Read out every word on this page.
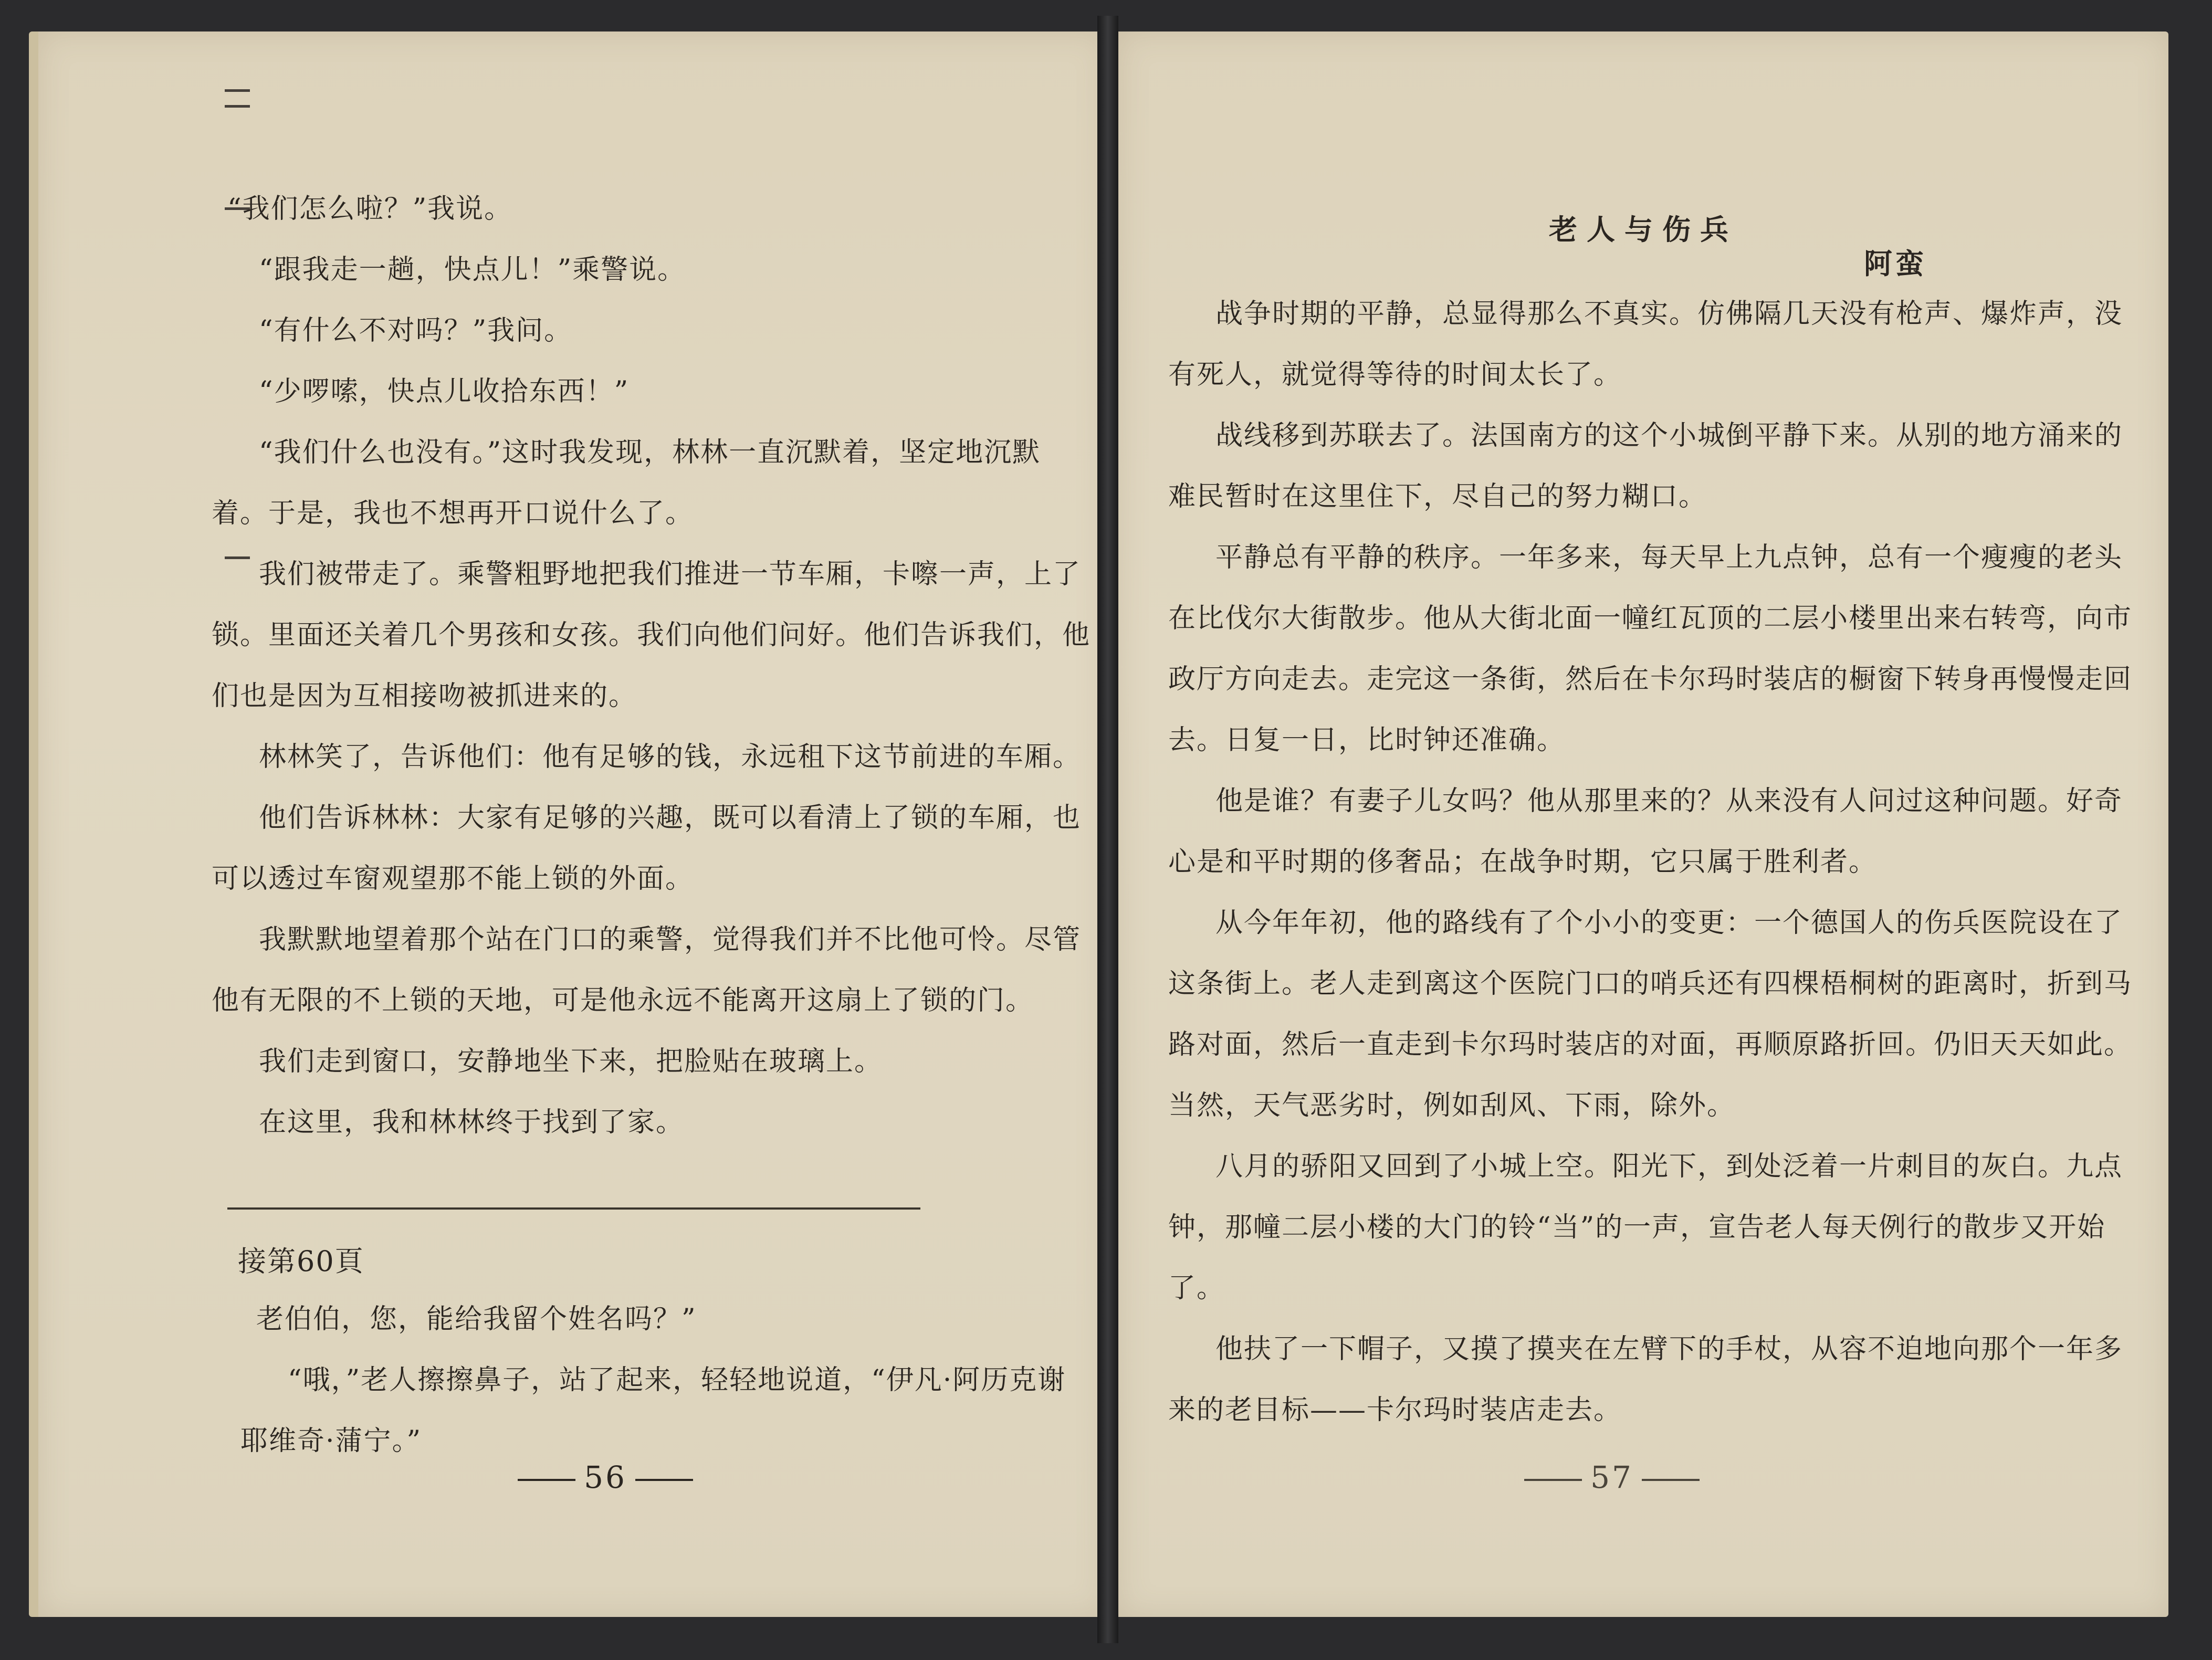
“我们怎么啦？”我说。

“跟我走一趟，快点儿！”乘警说。

“有什么不对吗？”我问。

“少啰嗦，快点儿收拾东西！”

“我们什么也没有。”这时我发现，林林一直沉默着，坚定地沉默着。于是，我也不想再开口说什么了。

我们被带走了。乘警粗野地把我们推进一节车厢，卡嚓一声，上了锁。里面还关着几个男孩和女孩。我们向他们问好。他们告诉我们，他们也是因为互相接吻被抓进来的。

林林笑了，告诉他们：他有足够的钱，永远租下这节前进的车厢。

他们告诉林林：大家有足够的兴趣，既可以看清上了锁的车厢，也可以透过车窗观望那不能上锁的外面。

我默默地望着那个站在门口的乘警，觉得我们并不比他可怜。尽管他有无限的不上锁的天地，可是他永远不能离开这扇上了锁的门。

我们走到窗口，安静地坐下来，把脸贴在玻璃上。

在这里，我和林林终于找到了家。

接第60頁

老伯伯，您，能给我留个姓名吗？”

“哦，”老人擦擦鼻子，站了起来，轻轻地说道，“伊凡·阿历克谢耶维奇·蒲宁。”

56
老人与伤兵
阿蛮

战争时期的平静，总显得那么不真实。仿佛隔几天没有枪声、爆炸声，没有死人，就觉得等待的时间太长了。

战线移到苏联去了。法国南方的这个小城倒平静下来。从别的地方涌来的难民暂时在这里住下，尽自己的努力糊口。

平静总有平静的秩序。一年多来，每天早上九点钟，总有一个瘦瘦的老头在比伐尔大街散步。他从大街北面一幢红瓦顶的二层小楼里出来右转弯，向市政厅方向走去。走完这一条街，然后在卡尔玛时装店的橱窗下转身再慢慢走回去。日复一日，比时钟还准确。

他是谁？有妻子儿女吗？他从那里来的？从来没有人问过这种问题。好奇心是和平时期的侈奢品；在战争时期，它只属于胜利者。

从今年年初，他的路线有了个小小的变更：一个德国人的伤兵医院设在了这条街上。老人走到离这个医院门口的哨兵还有四棵梧桐树的距离时，折到马路对面，然后一直走到卡尔玛时装店的对面，再顺原路折回。仍旧天天如此。当然，天气恶劣时，例如刮风、下雨，除外。

八月的骄阳又回到了小城上空。阳光下，到处泛着一片刺目的灰白。九点钟，那幢二层小楼的大门的铃“当”的一声，宣告老人每天例行的散步又开始了。

他扶了一下帽子，又摸了摸夹在左臂下的手杖，从容不迫地向那个一年多来的老目标——卡尔玛时装店走去。

57
